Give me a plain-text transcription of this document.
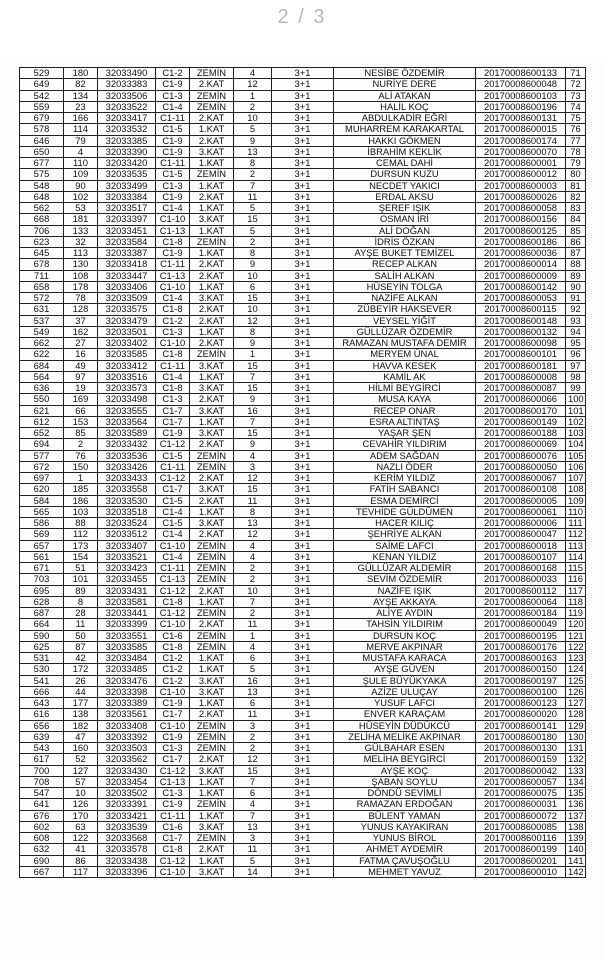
2 / 3
529	180	32033490	C1-2	ZEMİN	4	3+1	NESİBE ÖZDEMİR	20170008600133	71
649	82	32033383	C1-9	2.KAT	12	3+1	NURİYE DERE	20170008600048	72
542	134	32033506	C1-3	ZEMİN	1	3+1	ALİ ATAKAN	20170008600103	73
559	23	32033522	C1-4	ZEMİN	2	3+1	HALİL KOÇ	20170008600196	74
679	166	32033417	C1-11	2.KAT	10	3+1	ABDULKADİR EĞRİ	20170008600131	75
578	114	32033532	C1-5	1.KAT	5	3+1	MUHARREM KARAKARTAL	20170008600015	76
646	79	32033385	C1-9	2.KAT	9	3+1	HAKKI GÖKMEN	20170008600174	77
650	4	32033390	C1-9	3.KAT	13	3+1	İBRAHİM KEKLİK	20170008600070	78
677	110	32033420	C1-11	1.KAT	8	3+1	CEMAL DAHİ	20170008600001	79
575	109	32033535	C1-5	ZEMİN	2	3+1	DURSUN KUZU	20170008600012	80
548	90	32033499	C1-3	1.KAT	7	3+1	NECDET YAKICI	20170008600003	81
648	102	32033384	C1-9	2.KAT	11	3+1	ERDAL AKSU	20170008600026	82
562	53	32033517	C1-4	1.KAT	5	3+1	ŞEREF IŞIK	20170008600058	83
668	181	32033397	C1-10	3.KAT	15	3+1	OSMAN İRİ	20170008600156	84
706	133	32033451	C1-13	1.KAT	5	3+1	ALİ DOĞAN	20170008600125	85
623	32	32033584	C1-8	ZEMİN	2	3+1	İDRİS ÖZKAN	20170008600186	86
645	113	32033387	C1-9	1.KAT	8	3+1	AYŞE BUKET TEMİZEL	20170008600036	87
678	130	32033418	C1-11	2.KAT	9	3+1	RECEP ALKAN	20170008600014	88
711	108	32033447	C1-13	2.KAT	10	3+1	SALİH ALKAN	20170008600009	89
658	178	32033406	C1-10	1.KAT	6	3+1	HÜSEYİN TOLGA	20170008600142	90
572	78	32033509	C1-4	3.KAT	15	3+1	NAZİFE ALKAN	20170008600053	91
631	128	32033575	C1-8	2.KAT	10	3+1	ZÜBEYİR HAKSEVER	20170008600115	92
537	37	32033479	C1-2	2.KAT	12	3+1	VEYSEL YİĞİT	20170008600148	93
549	162	32033501	C1-3	1.KAT	8	3+1	GÜLLÜZAR ÖZDEMİR	20170008600132	94
662	27	32033402	C1-10	2.KAT	9	3+1	RAMAZAN MUSTAFA DEMİR	20170008600098	95
622	16	32033585	C1-8	ZEMİN	1	3+1	MERYEM ÜNAL	20170008600101	96
684	49	32033412	C1-11	3.KAT	15	3+1	HAVVA KESEK	20170008600181	97
564	97	32033516	C1-4	1.KAT	7	3+1	KAMİL AK	20170008600008	98
636	19	32033573	C1-8	3.KAT	15	3+1	HİLMİ BEYGİRCİ	20170008600087	99
550	169	32033498	C1-3	2.KAT	9	3+1	MUSA KAYA	20170008600066	100
621	66	32033555	C1-7	3.KAT	16	3+1	RECEP ONAR	20170008600170	101
612	153	32033564	C1-7	1.KAT	7	3+1	ESRA ALTINTAŞ	20170008600149	102
652	85	32033589	C1-9	3.KAT	15	3+1	YAŞAR ŞEN	20170008600188	103
694	2	32033432	C1-12	2.KAT	9	3+1	CEVAHİR YILDIRIM	20170008600069	104
577	76	32033536	C1-5	ZEMİN	4	3+1	ADEM SAĞDAN	20170008600076	105
672	150	32033426	C1-11	ZEMİN	3	3+1	NAZLI ÖDER	20170008600050	106
697	1	32033433	C1-12	2.KAT	12	3+1	KERİM YILDIZ	20170008600067	107
620	185	32033558	C1-7	3.KAT	15	3+1	FATİH SABANCI	20170008600108	108
584	186	32033530	C1-5	2.KAT	11	3+1	ESMA DEMİRCİ	20170008600005	109
565	103	32033518	C1-4	1.KAT	8	3+1	TEVHİDE GÜLDÜMEN	20170008600061	110
586	88	32033524	C1-5	3.KAT	13	3+1	HACER KILIÇ	20170008600006	111
569	112	32033512	C1-4	2.KAT	12	3+1	ŞEHRİYE ALKAN	20170008600047	112
657	173	32033407	C1-10	ZEMİN	4	3+1	SAİME LAFCI	20170008600018	113
561	154	32033521	C1-4	ZEMİN	4	3+1	KENAN YILDIZ	20170008600107	114
671	51	32033423	C1-11	ZEMİN	2	3+1	GÜLLÜZAR ALDEMİR	20170008600168	115
703	101	32033455	C1-13	ZEMİN	2	3+1	SEVİM ÖZDEMİR	20170008600033	116
695	89	32033431	C1-12	2.KAT	10	3+1	NAZİFE IŞIK	20170008600112	117
628	8	32033581	C1-8	1.KAT	7	3+1	AYŞE AKKAYA	20170008600064	118
687	28	32033441	C1-12	ZEMİN	2	3+1	ALİYE AYDIN	20170008600184	119
664	11	32033399	C1-10	2.KAT	11	3+1	TAHSİN YILDIRIM	20170008600049	120
590	50	32033551	C1-6	ZEMİN	1	3+1	DURSUN KOÇ	20170008600195	121
625	87	32033585	C1-8	ZEMİN	4	3+1	MERVE AKPINAR	20170008600176	122
531	42	32033484	C1-2	1.KAT	6	3+1	MUSTAFA KARACA	20170008600163	123
530	172	32033485	C1-2	1.KAT	5	3+1	AYŞE GÜVEN	20170008600150	124
541	26	32033476	C1-2	3.KAT	16	3+1	ŞULE BÜYÜKYAKA	20170008600197	125
666	44	32033398	C1-10	3.KAT	13	3+1	AZİZE ULUÇAY	20170008600100	126
643	177	32033389	C1-9	1.KAT	6	3+1	YUSUF LAFCI	20170008600123	127
616	138	32033561	C1-7	2.KAT	11	3+1	ENVER KARAÇAM	20170008600020	128
656	182	32033408	C1-10	ZEMİN	3	3+1	HÜSEYİN DÜDÜKCÜ	20170008600141	129
639	47	32033392	C1-9	ZEMİN	2	3+1	ZELİHA MELİKE AKPINAR	20170008600180	130
543	160	32033503	C1-3	ZEMİN	2	3+1	GÜLBAHAR ESEN	20170008600130	131
617	52	32033562	C1-7	2.KAT	12	3+1	MELİHA BEYGİRCİ	20170008600159	132
700	127	32033430	C1-12	3.KAT	15	3+1	AYŞE KOÇ	20170008600042	133
708	57	32033454	C1-13	1.KAT	7	3+1	ŞABAN SOYLU	20170008600057	134
547	10	32033502	C1-3	1.KAT	6	3+1	DÖNDÜ SEVİMLİ	20170008600075	135
641	126	32033391	C1-9	ZEMİN	4	3+1	RAMAZAN ERDOĞAN	20170008600031	136
676	170	32033421	C1-11	1.KAT	7	3+1	BÜLENT YAMAN	20170008600072	137
602	63	32033539	C1-6	3.KAT	13	3+1	YUNUS KAYAKIRAN	20170008600085	138
608	122	32033568	C1-7	ZEMİN	3	3+1	YUNUS BİROL	20170008600116	139
632	41	32033578	C1-8	2.KAT	11	3+1	AHMET AYDEMİR	20170008600199	140
690	86	32033438	C1-12	1.KAT	5	3+1	FATMA ÇAVUŞOĞLU	20170008600201	141
667	117	32033396	C1-10	3.KAT	14	3+1	MEHMET YAVUZ	20170008600010	142
